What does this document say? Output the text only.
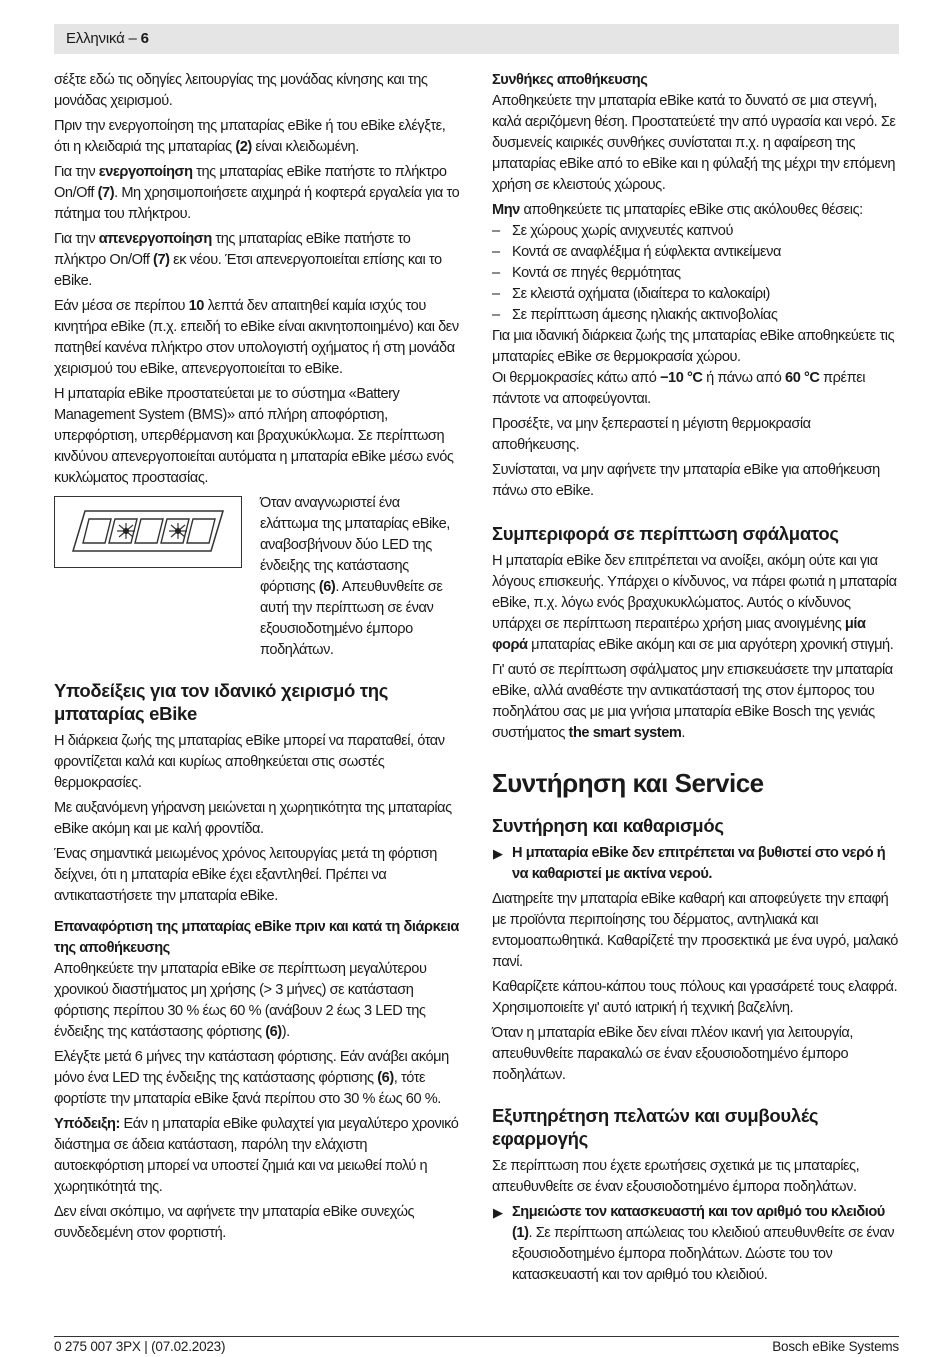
Ελληνικά – 6

σέξτε εδώ τις οδηγίες λειτουργίας της μονάδας κίνησης και της μονάδας χειρισμού.

Πριν την ενεργοποίηση της μπαταρίας eBike ή του eBike ελέγξτε, ότι η κλειδαριά της μπαταρίας (2) είναι κλειδωμένη.

Για την ενεργοποίηση της μπαταρίας eBike πατήστε το πλήκτρο On/Off (7). Μη χρησιμοποιήσετε αιχμηρά ή κοφτερά εργαλεία για το πάτημα του πλήκτρου.

Για την απενεργοποίηση της μπαταρίας eBike πατήστε το πλήκτρο On/Off (7) εκ νέου. Έτσι απενεργοποιείται επίσης και το eBike.

Εάν μέσα σε περίπου 10 λεπτά δεν απαιτηθεί καμία ισχύς του κινητήρα eBike (π.χ. επειδή το eBike είναι ακινητοποιημένο) και δεν πατηθεί κανένα πλήκτρο στον υπολογιστή οχήματος ή στη μονάδα χειρισμού του eBike, απενεργοποιείται το eBike.

Η μπαταρία eBike προστατεύεται με το σύστημα «Battery Management System (BMS)» από πλήρη αποφόρτιση, υπερφόρτιση, υπερθέρμανση και βραχυκύκλωμα. Σε περίπτωση κινδύνου απενεργοποιείται αυτόματα η μπαταρία eBike μέσω ενός κυκλώματος προστασίας.

Όταν αναγνωριστεί ένα ελάττωμα της μπαταρίας eBike, αναβοσβήνουν δύο LED της ένδειξης της κατάστασης φόρτισης (6). Απευθυνθείτε σε αυτή την περίπτωση σε έναν εξουσιοδοτημένο έμπορο ποδηλάτων.
Υποδείξεις για τον ιδανικό χειρισμό της μπαταρίας eBike

Η διάρκεια ζωής της μπαταρίας eBike μπορεί να παραταθεί, όταν φροντίζεται καλά και κυρίως αποθηκεύεται στις σωστές θερμοκρασίες.

Με αυξανόμενη γήρανση μειώνεται η χωρητικότητα της μπαταρίας eBike ακόμη και με καλή φροντίδα.

Ένας σημαντικά μειωμένος χρόνος λειτουργίας μετά τη φόρτιση δείχνει, ότι η μπαταρία eBike έχει εξαντληθεί. Πρέπει να αντικαταστήσετε την μπαταρία eBike.

Επαναφόρτιση της μπαταρίας eBike πριν και κατά τη διάρκεια της αποθήκευσης

Αποθηκεύετε την μπαταρία eBike σε περίπτωση μεγαλύτερου χρονικού διαστήματος μη χρήσης (> 3 μήνες) σε κατάσταση φόρτισης περίπου 30 % έως 60 % (ανάβουν 2 έως 3 LED της ένδειξης της κατάστασης φόρτισης (6)).

Ελέγξτε μετά 6 μήνες την κατάσταση φόρτισης. Εάν ανάβει ακόμη μόνο ένα LED της ένδειξης της κατάστασης φόρτισης (6), τότε φορτίστε την μπαταρία eBike ξανά περίπου στο 30 % έως 60 %.

Υπόδειξη: Εάν η μπαταρία eBike φυλαχτεί για μεγαλύτερο χρονικό διάστημα σε άδεια κατάσταση, παρόλη την ελάχιστη αυτοεκφόρτιση μπορεί να υποστεί ζημιά και να μειωθεί πολύ η χωρητικότητά της.

Δεν είναι σκόπιμο, να αφήνετε την μπαταρία eBike συνεχώς συνδεδεμένη στον φορτιστή.

Συνθήκες αποθήκευσης

Αποθηκεύετε την μπαταρία eBike κατά το δυνατό σε μια στεγνή, καλά αεριζόμενη θέση. Προστατεύετέ την από υγρασία και νερό. Σε δυσμενείς καιρικές συνθήκες συνίσταται π.χ. η αφαίρεση της μπαταρίας eBike από το eBike και η φύλαξή της μέχρι την επόμενη χρήση σε κλειστούς χώρους.

Μην αποθηκεύετε τις μπαταρίες eBike στις ακόλουθες θέσεις:

– Σε χώρους χωρίς ανιχνευτές καπνού
– Κοντά σε αναφλέξιμα ή εύφλεκτα αντικείμενα
– Κοντά σε πηγές θερμότητας
– Σε κλειστά οχήματα (ιδιαίτερα το καλοκαίρι)
– Σε περίπτωση άμεσης ηλιακής ακτινοβολίας

Για μια ιδανική διάρκεια ζωής της μπαταρίας eBike αποθηκεύετε τις μπαταρίες eBike σε θερμοκρασία χώρου.

Οι θερμοκρασίες κάτω από −10 °C ή πάνω από 60 °C πρέπει πάντοτε να αποφεύγονται.

Προσέξτε, να μην ξεπεραστεί η μέγιστη θερμοκρασία αποθήκευσης.

Συνίσταται, να μην αφήνετε την μπαταρία eBike για αποθήκευση πάνω στο eBike.

Συμπεριφορά σε περίπτωση σφάλματος

Η μπαταρία eBike δεν επιτρέπεται να ανοίξει, ακόμη ούτε και για λόγους επισκευής. Υπάρχει ο κίνδυνος, να πάρει φωτιά η μπαταρία eBike, π.χ. λόγω ενός βραχυκυκλώματος. Αυτός ο κίνδυνος υπάρχει σε περίπτωση περαιτέρω χρήση μιας ανοιγμένης μία φορά μπαταρίας eBike ακόμη και σε μια αργότερη χρονική στιγμή.

Γι' αυτό σε περίπτωση σφάλματος μην επισκευάσετε την μπαταρία eBike, αλλά αναθέστε την αντικατάστασή της στον έμπορος του ποδηλάτου σας με μια γνήσια μπαταρία eBike Bosch της γενιάς συστήματος the smart system.

Συντήρηση και Service
Συντήρηση και καθαρισμός
▶ Η μπαταρία eBike δεν επιτρέπεται να βυθιστεί στο νερό ή να καθαριστεί με ακτίνα νερού.

Διατηρείτε την μπαταρία eBike καθαρή και αποφεύγετε την επαφή με προϊόντα περιποίησης του δέρματος, αντηλιακά και εντομοαπωθητικά. Καθαρίζετέ την προσεκτικά με ένα υγρό, μαλακό πανί.

Καθαρίζετε κάπου-κάπου τους πόλους και γρασάρετέ τους ελαφρά. Χρησιμοποιείτε γι' αυτό ιατρική ή τεχνική βαζελίνη.

Όταν η μπαταρία eBike δεν είναι πλέον ικανή για λειτουργία, απευθυνθείτε παρακαλώ σε έναν εξουσιοδοτημένο έμπορο ποδηλάτων.

Εξυπηρέτηση πελατών και συμβουλές εφαρμογής

Σε περίπτωση που έχετε ερωτήσεις σχετικά με τις μπαταρίες, απευθυνθείτε σε έναν εξουσιοδοτημένο έμπορα ποδηλάτων.

▶ Σημειώστε τον κατασκευαστή και τον αριθμό του κλειδιού (1). Σε περίπτωση απώλειας του κλειδιού απευθυνθείτε σε έναν εξουσιοδοτημένο έμπορα ποδηλάτων. Δώστε του τον κατασκευαστή και τον αριθμό του κλειδιού.
0 275 007 3PX | (07.02.2023)	Bosch eBike Systems
